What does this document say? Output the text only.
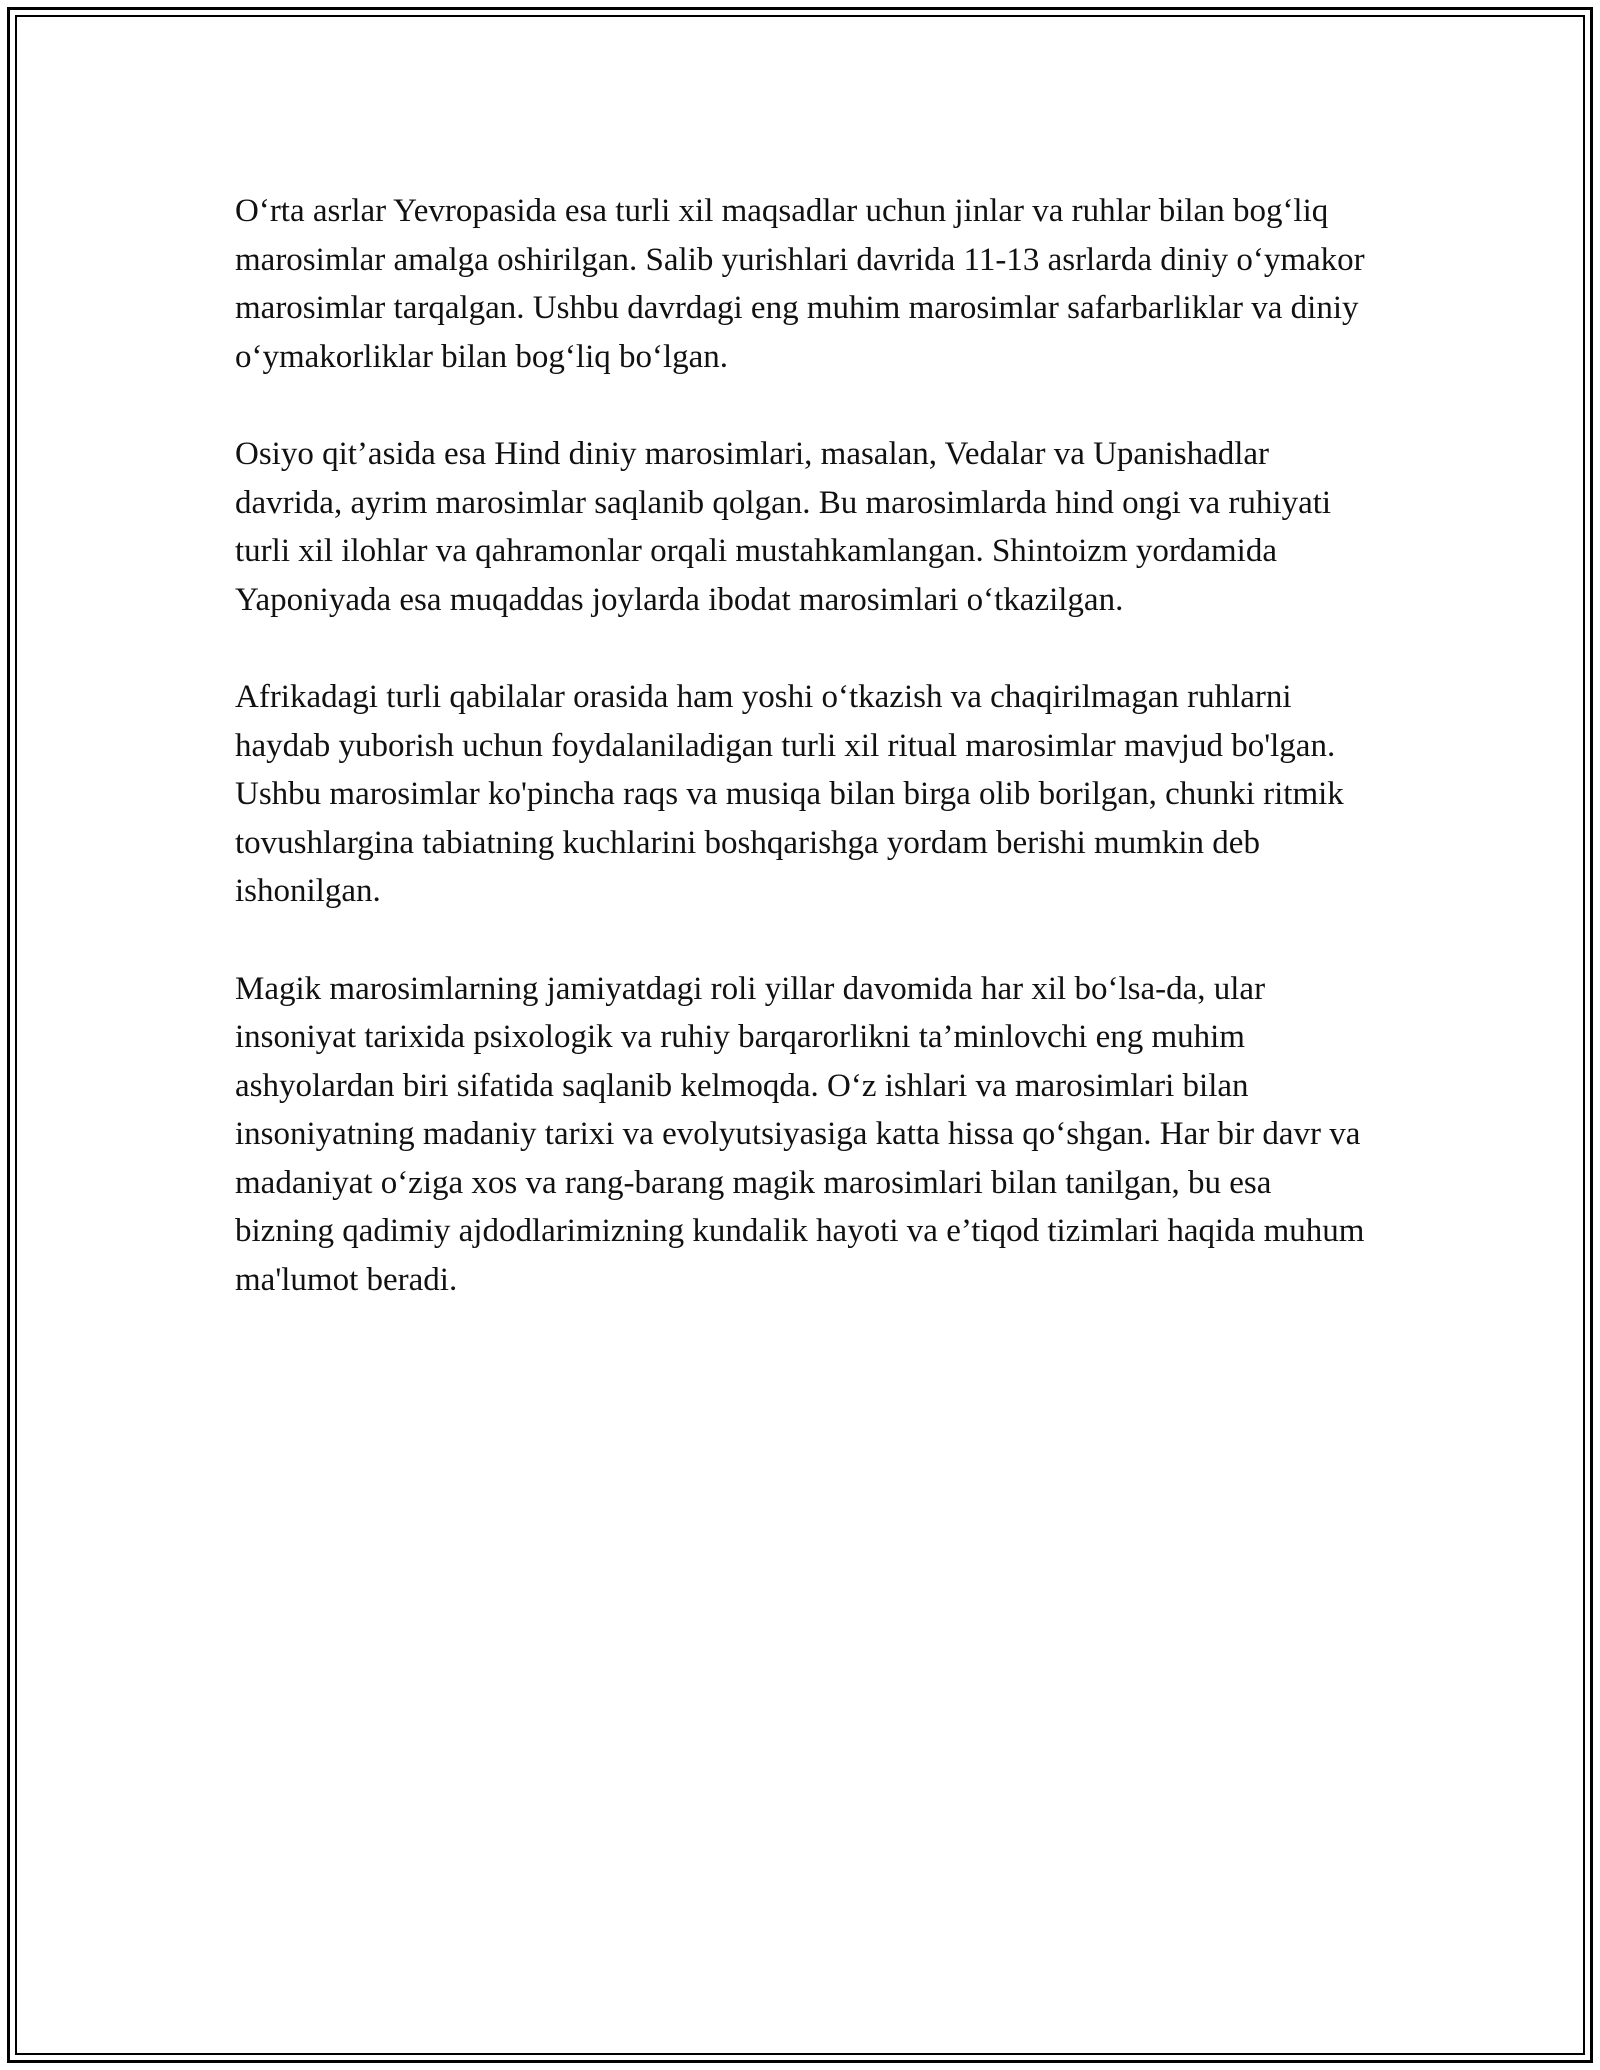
O‘rta asrlar Yevropasida esa turli xil maqsadlar uchun jinlar va ruhlar bilan bog‘liq marosimlar amalga oshirilgan. Salib yurishlari davrida 11-13 asrlarda diniy o‘ymakor marosimlar tarqalgan. Ushbu davrdagi eng muhim marosimlar safarbarliklar va diniy o‘ymakorliklar bilan bog‘liq bo‘lgan.

Osiyo qit’asida esa Hind diniy marosimlari, masalan, Vedalar va Upanishadlar davrida, ayrim marosimlar saqlanib qolgan. Bu marosimlarda hind ongi va ruhiyati turli xil ilohlar va qahramonlar orqali mustahkamlangan. Shintoizm yordamida Yaponiyada esa muqaddas joylarda ibodat marosimlari o‘tkazilgan.

Afrikadagi turli qabilalar orasida ham yoshi o‘tkazish va chaqirilmagan ruhlarni haydab yuborish uchun foydalaniladigan turli xil ritual marosimlar mavjud bo'lgan. Ushbu marosimlar ko'pincha raqs va musiqa bilan birga olib borilgan, chunki ritmik tovushlargina tabiatning kuchlarini boshqarishga yordam berishi mumkin deb ishonilgan.

Magik marosimlarning jamiyatdagi roli yillar davomida har xil bo‘lsa-da, ular insoniyat tarixida psixologik va ruhiy barqarorlikni ta’minlovchi eng muhim ashyolardan biri sifatida saqlanib kelmoqda. O‘z ishlari va marosimlari bilan insoniyatning madaniy tarixi va evolyutsiyasiga katta hissa qo‘shgan. Har bir davr va madaniyat o‘ziga xos va rang-barang magik marosimlari bilan tanilgan, bu esa bizning qadimiy ajdodlarimizning kundalik hayoti va e’tiqod tizimlari haqida muhum ma'lumot beradi.
